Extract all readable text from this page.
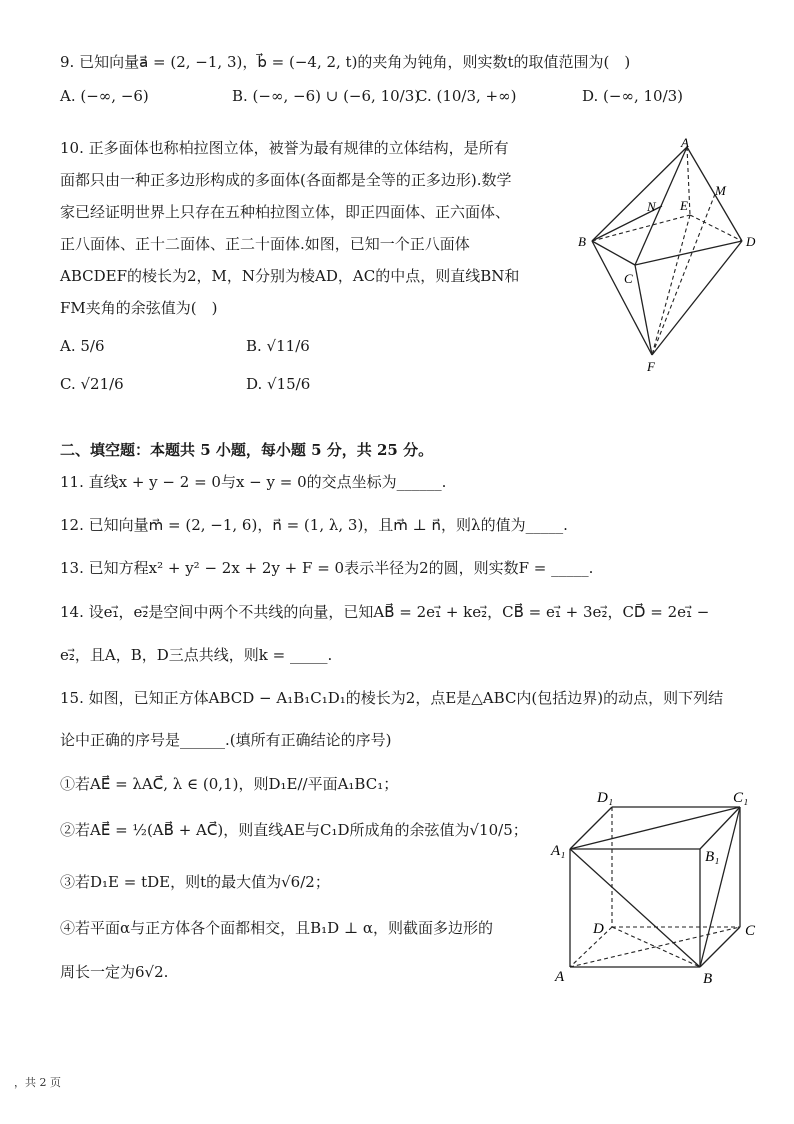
9. 已知向量a⃗ = (2, −1, 3)，b⃗ = (−4, 2, t)的夹角为钝角，则实数t的取值范围为(　)
A. (−∞, −6)	B. (−∞, −6) ∪ (−6, 10/3)
C. (10/3, +∞)	D. (−∞, 10/3)
10. 正多面体也称柏拉图立体，被誉为最有规律的立体结构，是所有
面都只由一种正多边形构成的多面体(各面都是全等的正多边形).数学
家已经证明世界上只存在五种柏拉图立体，即正四面体、正六面体、
正八面体、正十二面体、正二十面体.如图，已知一个正八面体
ABCDEF的棱长为2，M，N分别为棱AD，AC的中点，则直线BN和
FM夹角的余弦值为(　)
A. 5/6	B. √11/6
C. √21/6	D. √15/6
A
M
N E
B	D
C
F
二、填空题：本题共 5 小题，每小题 5 分，共 25 分。
11. 直线x + y − 2 = 0与x − y = 0的交点坐标为______.
12. 已知向量m⃗ = (2, −1, 6)，n⃗ = (1, λ, 3)，且m⃗ ⊥ n⃗，则λ的值为_____.
13. 已知方程x² + y² − 2x + 2y + F = 0表示半径为2的圆，则实数F = _____.
14. 设e₁⃗，e₂⃗是空间中两个不共线的向量，已知AB⃗ = 2e₁⃗ + ke₂⃗，CB⃗ = e₁⃗ + 3e₂⃗，CD⃗ = 2e₁⃗ −
e₂⃗，且A，B，D三点共线，则k = _____.
15. 如图，已知正方体ABCD − A₁B₁C₁D₁的棱长为2，点E是△ABC内(包括边界)的动点，则下列结
论中正确的序号是______.(填所有正确结论的序号)
①若AE⃗ = λAC⃗, λ ∈ (0,1)，则D₁E//平面A₁BC₁；
②若AE⃗ = ½(AB⃗ + AC⃗)，则直线AE与C₁D所成角的余弦值为√10/5；
③若D₁E = tDE，则t的最大值为√6/2；
④若平面α与正方体各个面都相交，且B₁D ⊥ α，则截面多边形的
周长一定为6√2.
D₁	C₁
A₁	B₁
D	C
A	B
，共 2 页
